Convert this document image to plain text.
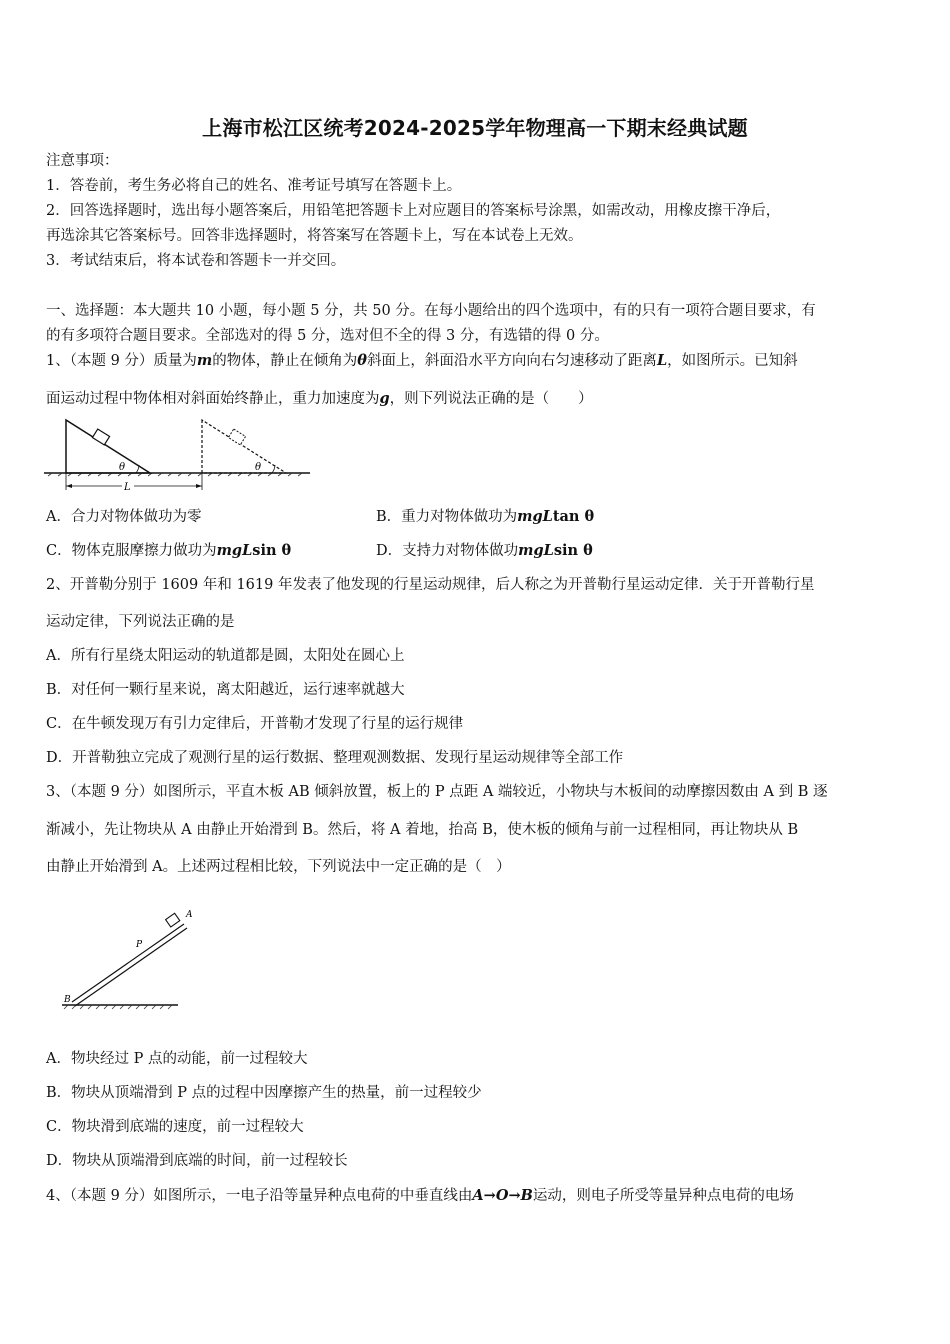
上海市松江区统考2024-2025学年物理高一下期末经典试题
注意事项：
1．答卷前，考生务必将自己的姓名、准考证号填写在答题卡上。
2．回答选择题时，选出每小题答案后，用铅笔把答题卡上对应题目的答案标号涂黑，如需改动，用橡皮擦干净后，
再选涂其它答案标号。回答非选择题时，将答案写在答题卡上，写在本试卷上无效。
3．考试结束后，将本试卷和答题卡一并交回。
一、选择题：本大题共 10 小题，每小题 5 分，共 50 分。在每小题给出的四个选项中，有的只有一项符合题目要求，有
的有多项符合题目要求。全部选对的得 5 分，选对但不全的得 3 分，有选错的得 0 分。
1、（本题 9 分）质量为m的物体，静止在倾角为θ斜面上，斜面沿水平方向向右匀速移动了距离L，如图所示。已知斜
面运动过程中物体相对斜面始终静止，重力加速度为g，则下列说法正确的是（　　）
θ	θ
L
A．合力对物体做功为零	B．重力对物体做功为mgLtan θ
C．物体克服摩擦力做功为mgLsin θ	D．支持力对物体做功mgLsin θ
2、开普勒分别于 1609 年和 1619 年发表了他发现的行星运动规律，后人称之为开普勒行星运动定律．关于开普勒行星
运动定律，下列说法正确的是
A．所有行星绕太阳运动的轨道都是圆，太阳处在圆心上
B．对任何一颗行星来说，离太阳越近，运行速率就越大
C．在牛顿发现万有引力定律后，开普勒才发现了行星的运行规律
D．开普勒独立完成了观测行星的运行数据、整理观测数据、发现行星运动规律等全部工作
3、（本题 9 分）如图所示，平直木板 AB 倾斜放置，板上的 P 点距 A 端较近，小物块与木板间的动摩擦因数由 A 到 B 逐
渐减小，先让物块从 A 由静止开始滑到 B。然后，将 A 着地，抬高 B，使木板的倾角与前一过程相同，再让物块从 B
由静止开始滑到 A。上述两过程相比较，下列说法中一定正确的是（　）
A
B
P
A．物块经过 P 点的动能，前一过程较大
B．物块从顶端滑到 P 点的过程中因摩擦产生的热量，前一过程较少
C．物块滑到底端的速度，前一过程较大
D．物块从顶端滑到底端的时间，前一过程较长
4、（本题 9 分）如图所示，一电子沿等量异种点电荷的中垂直线由A→O→B运动，则电子所受等量异种点电荷的电场
